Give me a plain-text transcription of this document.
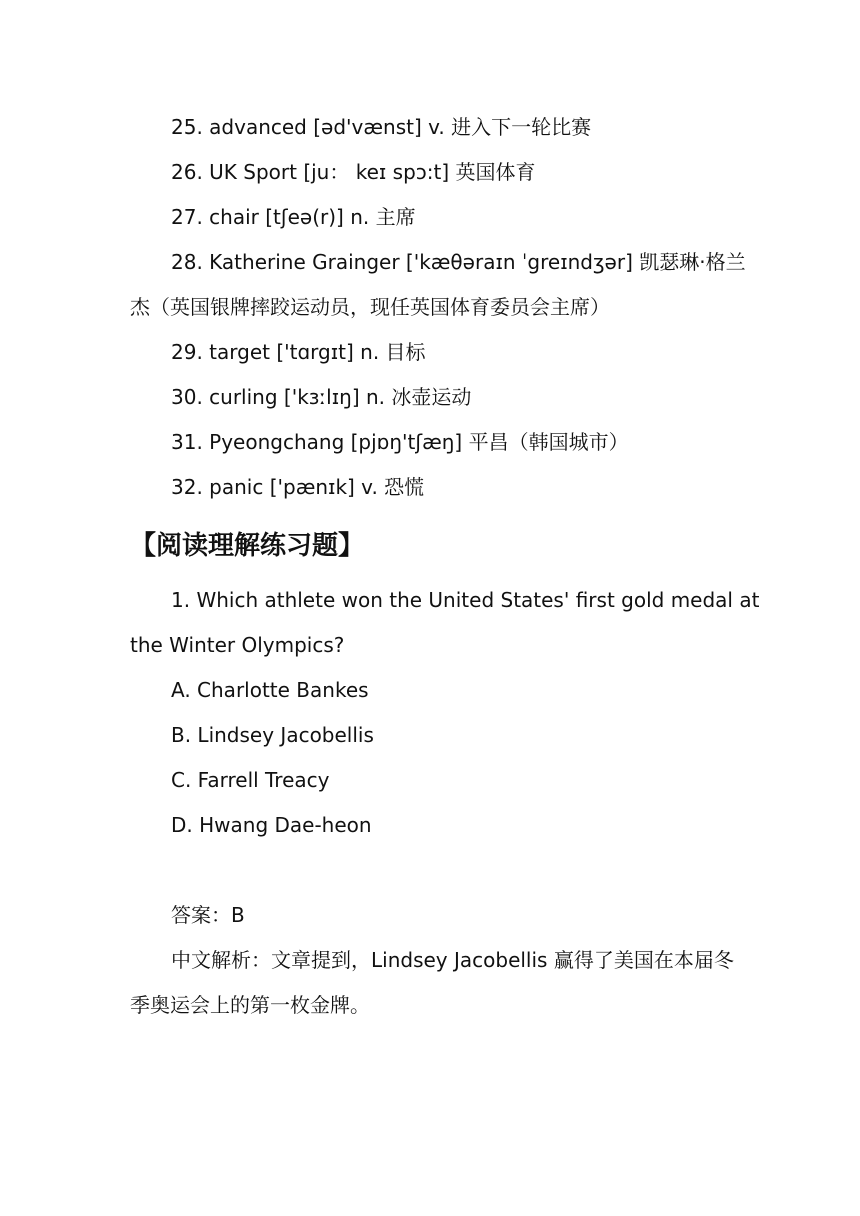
25. advanced [əd'vænst] v. 进入下一轮比赛
26. UK Sport [ju： keɪ spɔ:t] 英国体育
27. chair [tʃeə(r)] n. 主席
28. Katherine Grainger ['kæθəraɪn ˈgreɪndʒər] 凯瑟琳·格兰
杰（英国银牌摔跤运动员，现任英国体育委员会主席）
29. target ['tɑrgɪt] n. 目标
30. curling ['kɜːlɪŋ] n. 冰壶运动
31. Pyeongchang [pjɒŋ'tʃæŋ] 平昌（韩国城市）
32. panic ['pænɪk] v. 恐慌
【阅读理解练习题】
1. Which athlete won the United States' first gold medal at
the Winter Olympics?
A. Charlotte Bankes
B. Lindsey Jacobellis
C. Farrell Treacy
D. Hwang Dae-heon
答案：B
中文解析：文章提到，Lindsey Jacobellis 赢得了美国在本届冬
季奥运会上的第一枚金牌。
